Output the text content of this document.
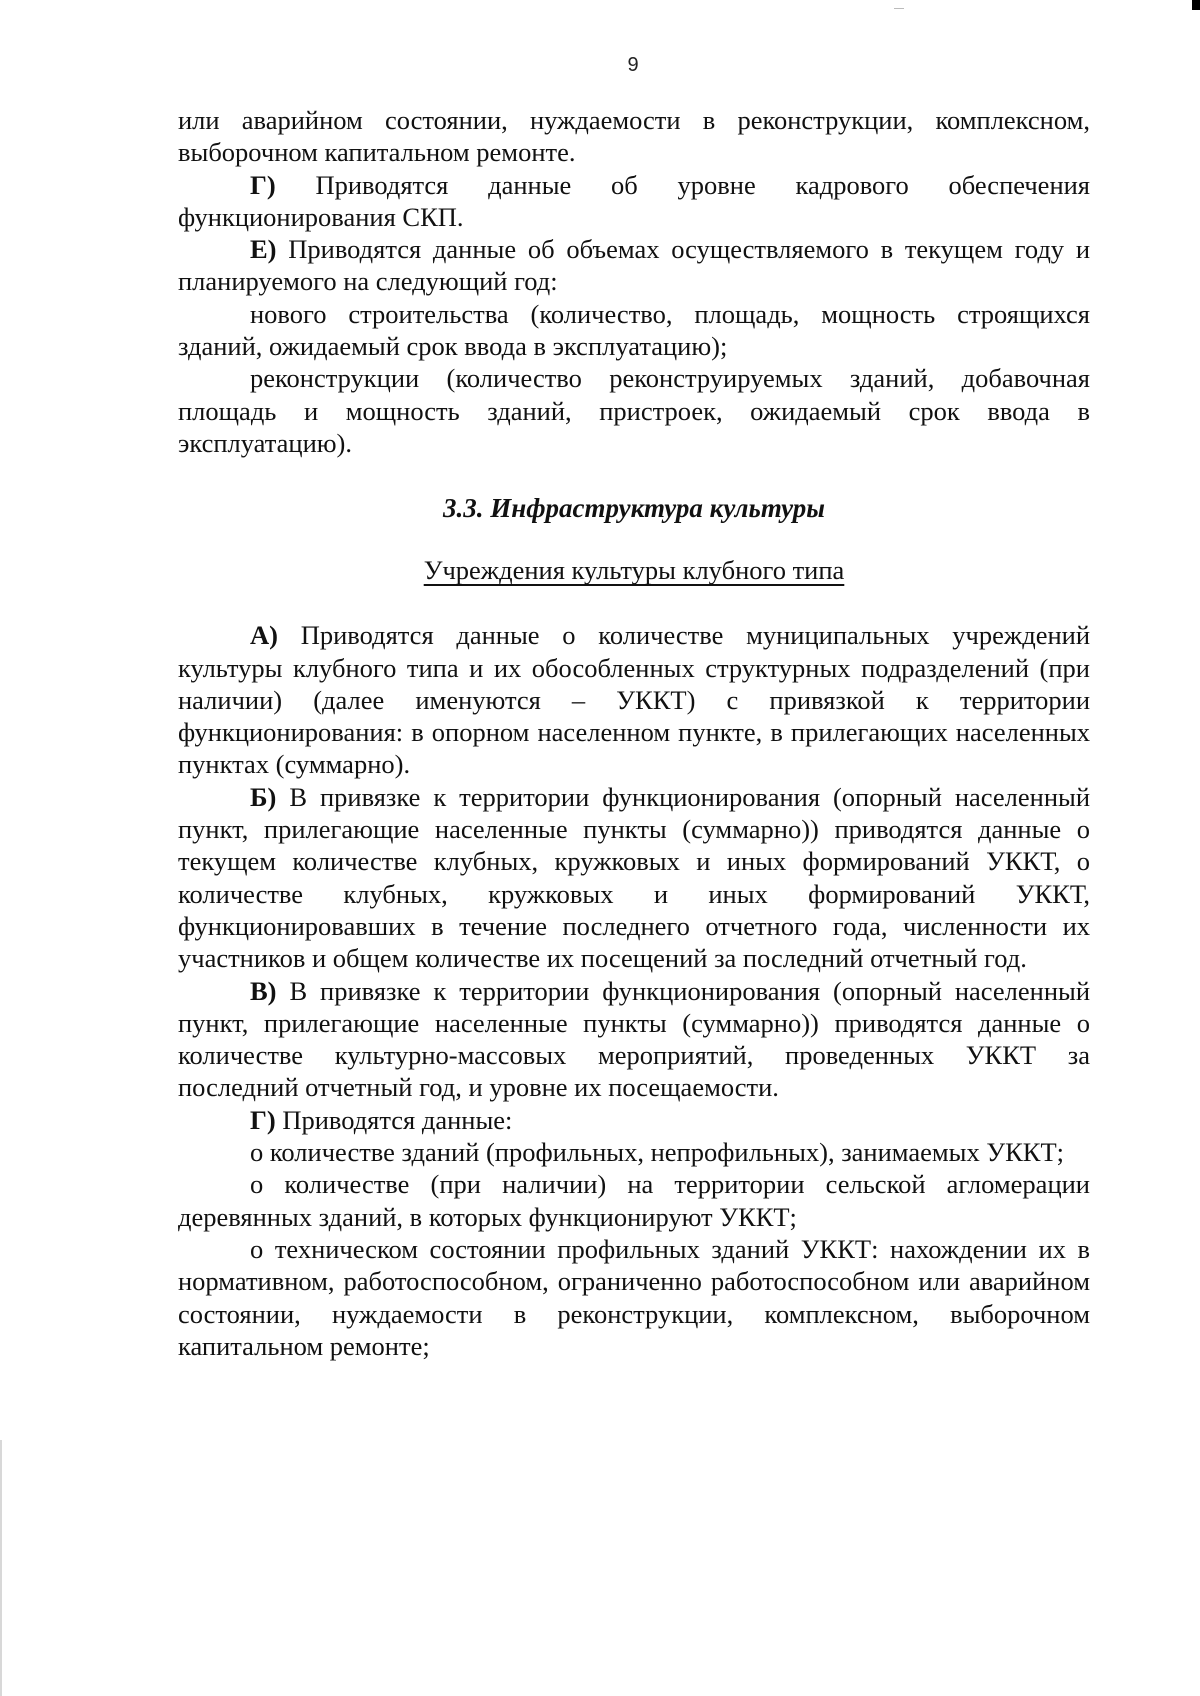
9

или аварийном состоянии, нуждаемости в реконструкции, комплексном, выборочном капитальном ремонте.

Г) Приводятся данные об уровне кадрового обеспечения функционирования СКП.

Е) Приводятся данные об объемах осуществляемого в текущем году и планируемого на следующий год:

нового строительства (количество, площадь, мощность строящихся зданий, ожидаемый срок ввода в эксплуатацию);

реконструкции (количество реконструируемых зданий, добавочная площадь и мощность зданий, пристроек, ожидаемый срок ввода в эксплуатацию).

3.3. Инфраструктура культуры

Учреждения культуры клубного типа

А) Приводятся данные о количестве муниципальных учреждений культуры клубного типа и их обособленных структурных подразделений (при наличии) (далее именуются – УККТ) с привязкой к территории функционирования: в опорном населенном пункте, в прилегающих населенных пунктах (суммарно).

Б) В привязке к территории функционирования (опорный населенный пункт, прилегающие населенные пункты (суммарно)) приводятся данные о текущем количестве клубных, кружковых и иных формирований УККТ, о количестве клубных, кружковых и иных формирований УККТ, функционировавших в течение последнего отчетного года, численности их участников и общем количестве их посещений за последний отчетный год.

В) В привязке к территории функционирования (опорный населенный пункт, прилегающие населенные пункты (суммарно)) приводятся данные о количестве культурно-массовых мероприятий, проведенных УККТ за последний отчетный год, и уровне их посещаемости.

Г) Приводятся данные:

о количестве зданий (профильных, непрофильных), занимаемых УККТ;

о количестве (при наличии) на территории сельской агломерации деревянных зданий, в которых функционируют УККТ;

о техническом состоянии профильных зданий УККТ: нахождении их в нормативном, работоспособном, ограниченно работоспособном или аварийном состоянии, нуждаемости в реконструкции, комплексном, выборочном капитальном ремонте;
